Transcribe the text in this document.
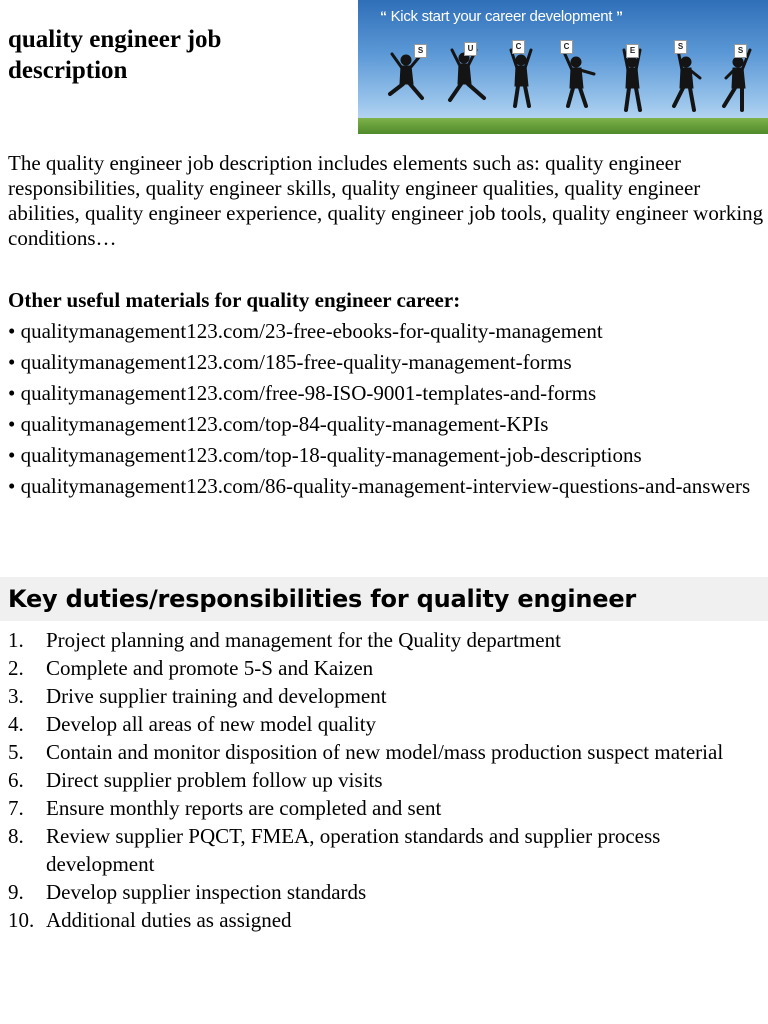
quality engineer job description
“ Kick start your career development ”
S	U	C	C	E	S	S

The quality engineer job description includes elements such as: quality engineer responsibilities, quality engineer skills, quality engineer qualities, quality engineer abilities, quality engineer experience, quality engineer job tools, quality engineer working conditions…

Other useful materials for quality engineer career:
• qualitymanagement123.com/23-free-ebooks-for-quality-management
• qualitymanagement123.com/185-free-quality-management-forms
• qualitymanagement123.com/free-98-ISO-9001-templates-and-forms
• qualitymanagement123.com/top-84-quality-management-KPIs
• qualitymanagement123.com/top-18-quality-management-job-descriptions
• qualitymanagement123.com/86-quality-management-interview-questions-and-answers
Key duties/responsibilities for quality engineer
1.	Project planning and management for the Quality department
2.	Complete and promote 5-S and Kaizen
3.	Drive supplier training and development
4.	Develop all areas of new model quality
5.	Contain and monitor disposition of new model/mass production suspect material
6.	Direct supplier problem follow up visits
7.	Ensure monthly reports are completed and sent
8.	Review supplier PQCT, FMEA, operation standards and supplier process development
9.	Develop supplier inspection standards
10. Additional duties as assigned
